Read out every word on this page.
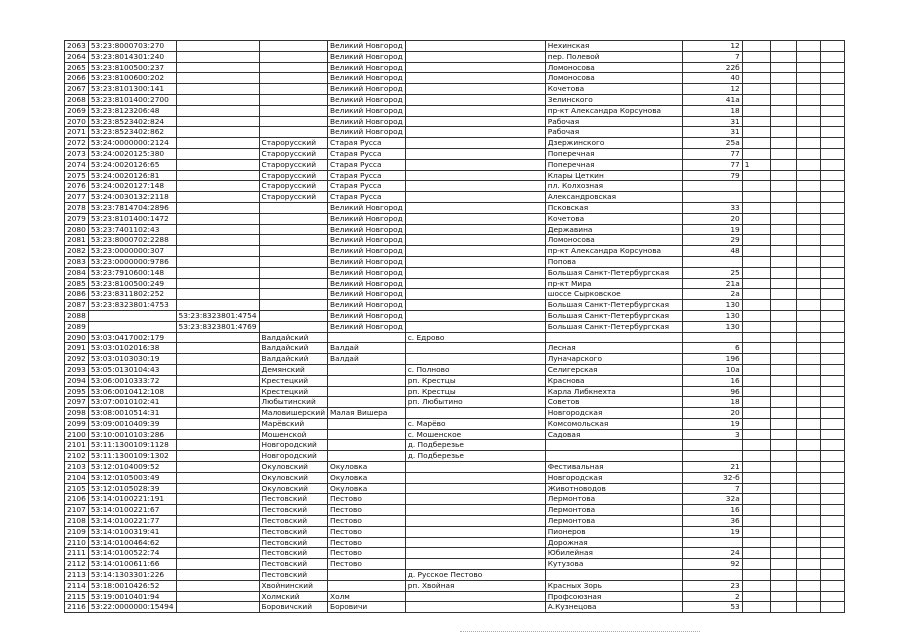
2063	53:23:8000703:270			Великий Новгород		Нехинская	12				
2064	53:23:8014301:240			Великий Новгород		пер. Полевой	7				
2065	53:23:8100500:237			Великий Новгород		Ломоносова	22б				
2066	53:23:8100600:202			Великий Новгород		Ломоносова	40				
2067	53:23:8101300:141			Великий Новгород		Кочетова	12				
2068	53:23:8101400:2700			Великий Новгород		Зелинского	41а				
2069	53:23:8123206:48			Великий Новгород		пр-кт Александра Корсунова	18				
2070	53:23:8523402:824			Великий Новгород		Рабочая	31				
2071	53:23:8523402:862			Великий Новгород		Рабочая	31				
2072	53:24:0000000:2124		Старорусский	Старая Русса		Дзержинского	25а				
2073	53:24:0020125:380		Старорусский	Старая Русса		Поперечная	77				
2074	53:24:0020126:65		Старорусский	Старая Русса		Поперечная	77	1			
2075	53:24:0020126:81		Старорусский	Старая Русса		Клары Цеткин	79				
2076	53:24:0020127:148		Старорусский	Старая Русса		пл. Колхозная					
2077	53:24:0030132:2118		Старорусский	Старая Русса		Александровская					
2078	53:23:7814704:2896			Великий Новгород		Псковская	33				
2079	53:23:8101400:1472			Великий Новгород		Кочетова	20				
2080	53:23:7401102:43			Великий Новгород		Державина	19				
2081	53:23:8000702:2288			Великий Новгород		Ломоносова	29				
2082	53:23:0000000:307			Великий Новгород		пр-кт Александра Корсунова	48				
2083	53:23:0000000:9786			Великий Новгород		Попова					
2084	53:23:7910600:148			Великий Новгород		Большая Санкт-Петербургская	25				
2085	53:23:8100500:249			Великий Новгород		пр-кт Мира	21а				
2086	53:23:8311802:252			Великий Новгород		шоссе Сырковское	2а				
2087	53:23:8323801:4753			Великий Новгород		Большая Санкт-Петербургская	130				
2088		53:23:8323801:4754		Великий Новгород		Большая Санкт-Петербургская	130				
2089		53:23:8323801:4769		Великий Новгород		Большая Санкт-Петербургская	130				
2090	53:03:0417002:179		Валдайский		с. Едрово						
2091	53:03:0102016:38		Валдайский	Валдай		Лесная	6				
2092	53:03:0103030:19		Валдайский	Валдай		Луначарского	196				
2093	53:05:0130104:43		Демянский		с. Полново	Селигерская	10а				
2094	53:06:0010333:72		Крестецкий		рп. Крестцы	Краснова	16				
2095	53:06:0010412:108		Крестецкий		рп. Крестцы	Карла Либкнехта	96				
2097	53:07:0010102:41		Любытинский		рп. Любытино	Советов	18				
2098	53:08:0010514:31		Маловишерский	Малая Вишера		Новгородская	20				
2099	53:09:0010409:39		Марёвский		с. Марёво	Комсомольская	19				
2100	53:10:0010103:286		Мошенской		с. Мошенское	Садовая	3				
2101	53:11:1300109:1128		Новгородский		д. Подберезье						
2102	53:11:1300109:1302		Новгородский		д. Подберезье						
2103	53:12:0104009:52		Окуловский	Окуловка		Фестивальная	21				
2104	53:12:0105003:49		Окуловский	Окуловка		Новгородская	32-б				
2105	53:12:0105028:39		Окуловский	Окуловка		Животноводов	7				
2106	53:14:0100221:191		Пестовский	Пестово		Лермонтова	32а				
2107	53:14:0100221:67		Пестовский	Пестово		Лермонтова	16				
2108	53:14:0100221:77		Пестовский	Пестово		Лермонтова	36				
2109	53:14:0100319:41		Пестовский	Пестово		Пионеров	19				
2110	53:14:0100464:62		Пестовский	Пестово		Дорожная					
2111	53:14:0100522:74		Пестовский	Пестово		Юбилейная	24				
2112	53:14:0100611:66		Пестовский	Пестово		Кутузова	92				
2113	53:14:1303301:226		Пестовский		д. Русское Пестово						
2114	53:18:0010426:52		Хвойнинский		рп. Хвойная	Красных Зорь	23				
2115	53:19:0010401:94		Холмский	Холм		Профсоюзная	2				
2116	53:22:0000000:15494		Боровичский	Боровичи		А.Кузнецова	53				
